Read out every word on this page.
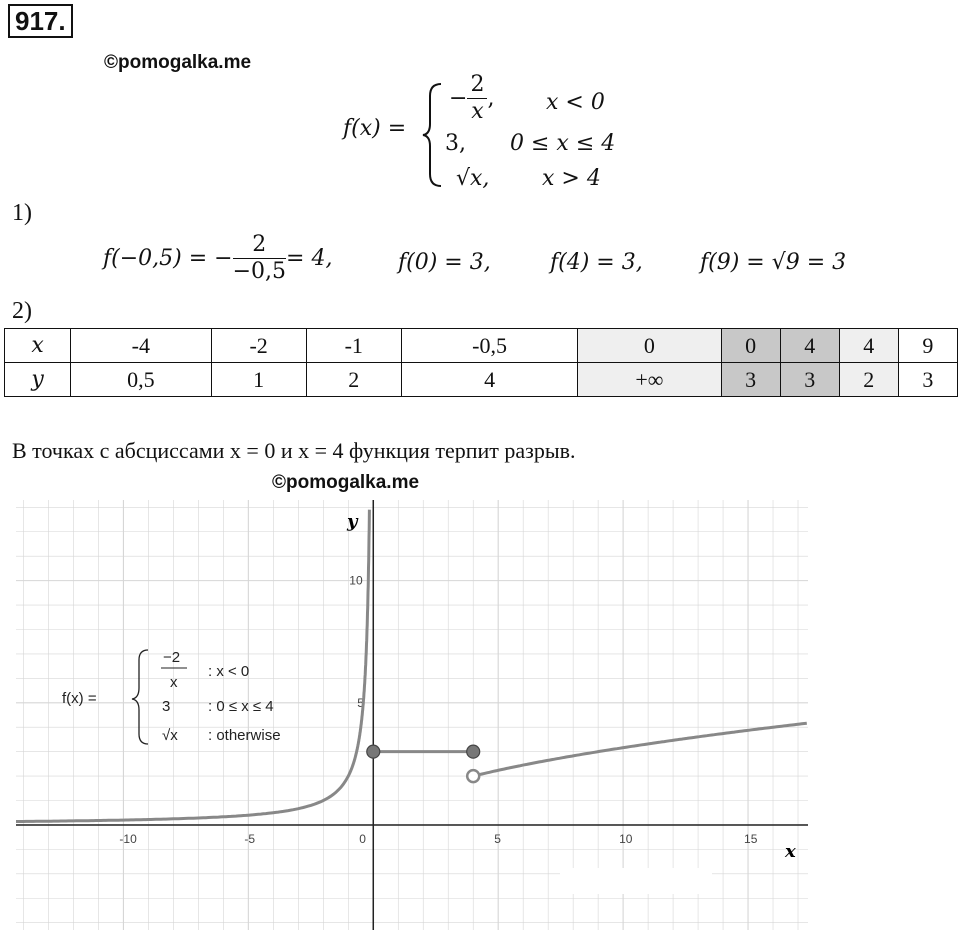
917.
©pomogalka.me
f(x) =
− $\frac{2}{x}$ , x < 0
3, 0 ≤ x ≤ 4
√x, x > 4
1)
f(−0,5) = − $\frac{2}{-0,5} = 4$,	f(0) = 3,	f(4) = 3,	f(9) = √9 = 3
2)
x	-4	-2	-1	-0,5	0	0	4	4	9
y	0,5	1	2	4	+∞	3	3	2	3
В точках с абсциссами x = 0 и x = 4 функция терпит разрыв.
©pomogalka.me
-10	-5	0	5	10	15
5
10
x
y
f(x) =
−2
x
: x < 0
3	: 0 ≤ x ≤ 4
√x : otherwise
